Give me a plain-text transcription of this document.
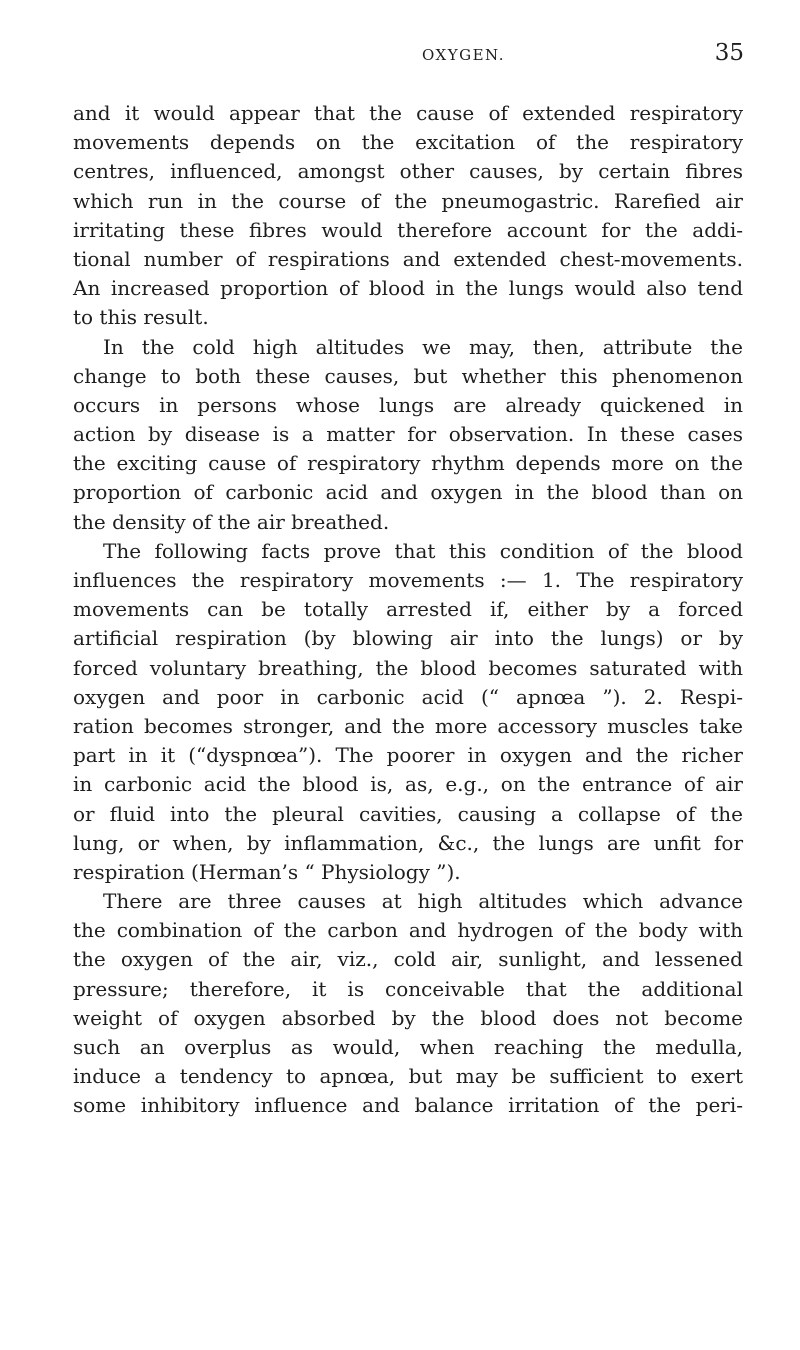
OXYGEN.	35
and it would appear that the cause of extended respiratory
movements depends on the excitation of the respiratory
centres, influenced, amongst other causes, by certain fibres
which run in the course of the pneumogastric. Rarefied air
irritating these fibres would therefore account for the addi-
tional number of respirations and extended chest-movements.
An increased proportion of blood in the lungs would also tend
to this result.
In the cold high altitudes we may, then, attribute the
change to both these causes, but whether this phenomenon
occurs in persons whose lungs are already quickened in
action by disease is a matter for observation. In these cases
the exciting cause of respiratory rhythm depends more on the
proportion of carbonic acid and oxygen in the blood than on
the density of the air breathed.
The following facts prove that this condition of the blood
influences the respiratory movements :— 1. The respiratory
movements can be totally arrested if, either by a forced
artificial respiration (by blowing air into the lungs) or by
forced voluntary breathing, the blood becomes saturated with
oxygen and poor in carbonic acid (“ apnœa ”). 2. Respi-
ration becomes stronger, and the more accessory muscles take
part in it (“dyspnœa”). The poorer in oxygen and the richer
in carbonic acid the blood is, as, e.g., on the entrance of air
or fluid into the pleural cavities, causing a collapse of the
lung, or when, by inflammation, &c., the lungs are unfit for
respiration (Herman’s “ Physiology ”).
There are three causes at high altitudes which advance
the combination of the carbon and hydrogen of the body with
the oxygen of the air, viz., cold air, sunlight, and lessened
pressure; therefore, it is conceivable that the additional
weight of oxygen absorbed by the blood does not become
such an overplus as would, when reaching the medulla,
induce a tendency to apnœa, but may be sufficient to exert
some inhibitory influence and balance irritation of the peri-
